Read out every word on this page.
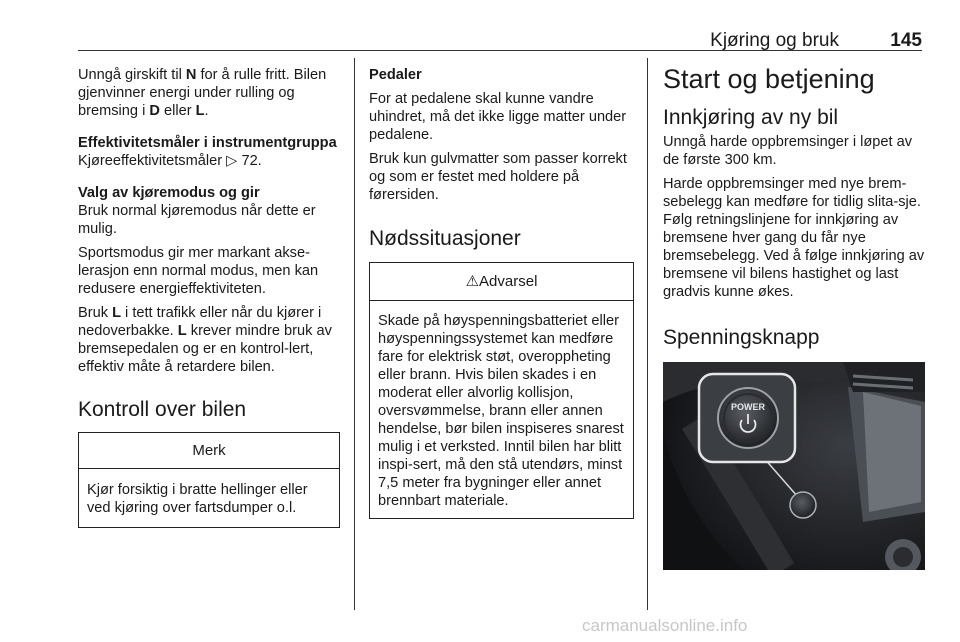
Kjøring og bruk	145

Unngå girskift til N for å rulle fritt. Bilen gjenvinner energi under rulling og bremsing i D eller L.

Effektivitetsmåler i instrumentgruppa

Kjøreeffektivitetsmåler ▷ 72.

Valg av kjøremodus og gir

Bruk normal kjøremodus når dette er mulig.

Sportsmodus gir mer markant akse-lerasjon enn normal modus, men kan redusere energieffektiviteten.

Bruk L i tett trafikk eller når du kjører i nedoverbakke. L krever mindre bruk av bremsepedalen og er en kontrol-lert, effektiv måte å retardere bilen.

Kontroll over bilen
Merk

Kjør forsiktig i bratte hellinger eller ved kjøring over fartsdumper o.l.

Pedaler

For at pedalene skal kunne vandre uhindret, må det ikke ligge matter under pedalene.

Bruk kun gulvmatter som passer korrekt og som er festet med holdere på førersiden.

Nødssituasjoner
⚠Advarsel

Skade på høyspenningsbatteriet eller høyspenningssystemet kan medføre fare for elektrisk støt, overoppheting eller brann. Hvis bilen skades i en moderat eller alvorlig kollisjon, oversvømmelse, brann eller annen hendelse, bør bilen inspiseres snarest mulig i et verksted. Inntil bilen har blitt inspi-sert, må den stå utendørs, minst 7,5 meter fra bygninger eller annet brennbart materiale.

Start og betjening
Innkjøring av ny bil

Unngå harde oppbremsinger i løpet av de første 300 km.

Harde oppbremsinger med nye brem-sebelegg kan medføre for tidlig slita-sje. Følg retningslinjene for innkjøring av bremsene hver gang du får nye bremsebelegg. Ved å følge innkjøring av bremsene vil bilens hastighet og last gradvis kunne økes.

Spenningsknapp
POWER
carmanualsonline.info
